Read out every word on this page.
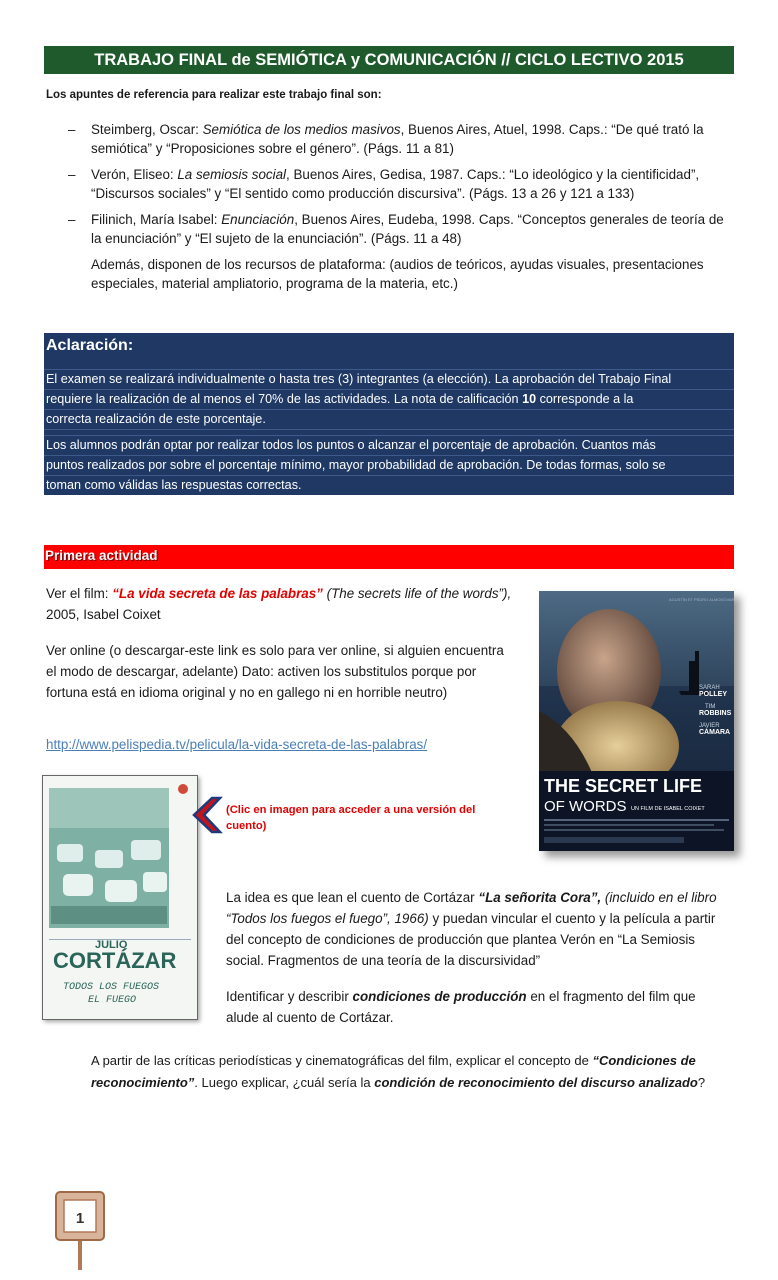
TRABAJO FINAL de SEMIÓTICA y COMUNICACIÓN // CICLO LECTIVO 2015
Los apuntes de referencia para realizar este trabajo final son:
– Steimberg, Oscar: Semiótica de los medios masivos, Buenos Aires, Atuel, 1998. Caps.: “De qué trató la semiótica” y “Proposiciones sobre el género”. (Págs. 11 a 81)
– Verón, Eliseo: La semiosis social, Buenos Aires, Gedisa, 1987. Caps.: “Lo ideológico y la cientificidad”, “Discursos sociales” y “El sentido como producción discursiva”. (Págs. 13 a 26 y 121 a 133)
– Filinich, María Isabel: Enunciación, Buenos Aires, Eudeba, 1998. Caps. “Conceptos generales de teoría de la enunciación” y “El sujeto de la enunciación”. (Págs. 11 a 48)
Además, disponen de los recursos de plataforma: (audios de teóricos, ayudas visuales, presentaciones especiales, material ampliatorio, programa de la materia, etc.)
Aclaración:
El examen se realizará individualmente o hasta tres (3) integrantes (a elección). La aprobación del Trabajo Final
requiere la realización de al menos el 70% de las actividades. La nota de calificación 10 corresponde a la
correcta realización de este porcentaje.
Los alumnos podrán optar por realizar todos los puntos o alcanzar el porcentaje de aprobación. Cuantos más
puntos realizados por sobre el porcentaje mínimo, mayor probabilidad de aprobación. De todas formas, solo se
toman como válidas las respuestas correctas.
Primera actividad
Ver el film: “La vida secreta de las palabras” (The secrets life of the words”), 2005, Isabel Coixet
Ver online (o descargar-este link es solo para ver online, si alguien encuentra el modo de descargar, adelante) Dato: activen los substitulos porque por fortuna está en idioma original y no en gallego ni en horrible neutro)
http://www.pelispedia.tv/pelicula/la-vida-secreta-de-las-palabras/
AGUSTÍN ET PEDRO ALMODÓVAR
SARAH
POLLEY
TIM
ROBBINS
JAVIER
CÁMARA
THE SECRET LIFE
OF WORDS UN FILM DE ISABEL COIXET
JULIO
CORTÁZAR
TODOS LOS FUEGOS
EL FUEGO
(Clic en imagen para acceder a una versión del cuento)
La idea es que lean el cuento de Cortázar “La señorita Cora”, (incluido en el libro “Todos los fuegos el fuego”, 1966) y puedan vincular el cuento y la película a partir del concepto de condiciones de producción que plantea Verón en “La Semiosis social. Fragmentos de una teoría de la discursividad”
Identificar y describir condiciones de producción en el fragmento del film que alude al cuento de Cortázar.
A partir de las críticas periodísticas y cinematográficas del film, explicar el concepto de “Condiciones de reconocimiento”. Luego explicar, ¿cuál sería la condición de reconocimiento del discurso analizado?
1
